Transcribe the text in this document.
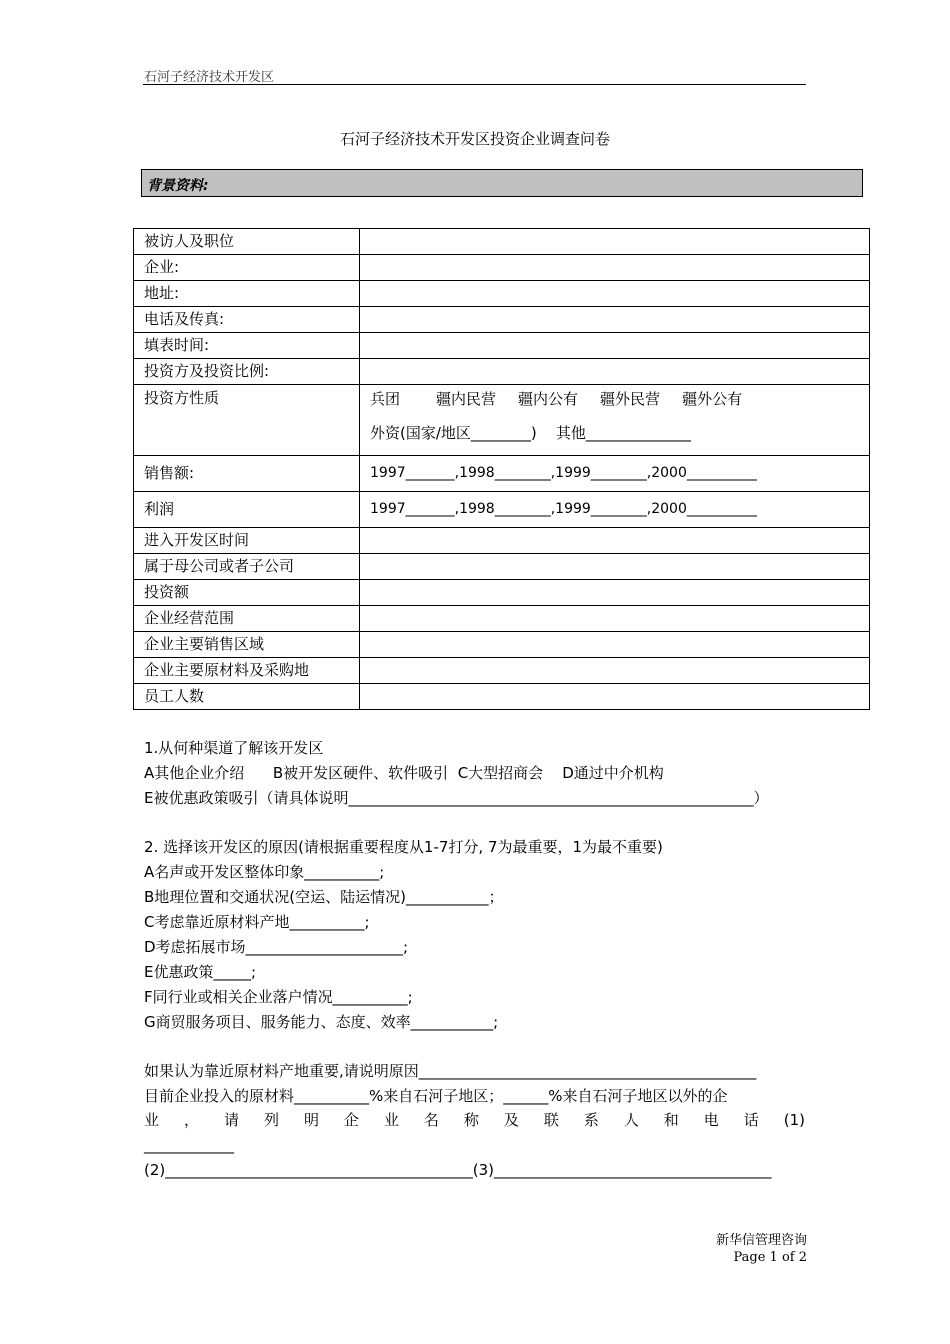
石河子经济技术开发区
石河子经济技术开发区投资企业调查问卷
背景资料:
被访人及职位	
企业:	
地址:	
电话及传真:	
填表时间:	
投资方及投资比例:	
投资方性质	兵团 疆内民营 疆内公有 疆外民营 疆外公有
外资(国家/地区________)    其他______________

销售额:	1997_______,1998________,1999________,2000__________
利润	1997_______,1998________,1999________,2000__________
进入开发区时间	
属于母公司或者子公司	
投资额	
企业经营范围	
企业主要销售区域	
企业主要原材料及采购地	
员工人数	
1.从何种渠道了解该开发区
A其他企业介绍      B被开发区硬件、软件吸引  C大型招商会    D通过中介机构
E被优惠政策吸引（请具体说明______________________________________________________）
2. 选择该开发区的原因(请根据重要程度从1-7打分, 7为最重要，1为最不重要)
A名声或开发区整体印象__________;
B地理位置和交通状况(空运、陆运情况)___________；
C考虑靠近原材料产地__________;
D考虑拓展市场_____________________;
E优惠政策_____;
F同行业或相关企业落户情况__________;
G商贸服务项目、服务能力、态度、效率___________;
如果认为靠近原材料产地重要,请说明原因_____________________________________________
目前企业投入的原材料__________%来自石河子地区；______%来自石河子地区以外的企
业 ， 请 列 明 企 业 名 称 及 联 系 人 和 电 话 (1)
____________
(2)_________________________________________(3)_____________________________________
新华信管理咨询
Page 1 of 2
